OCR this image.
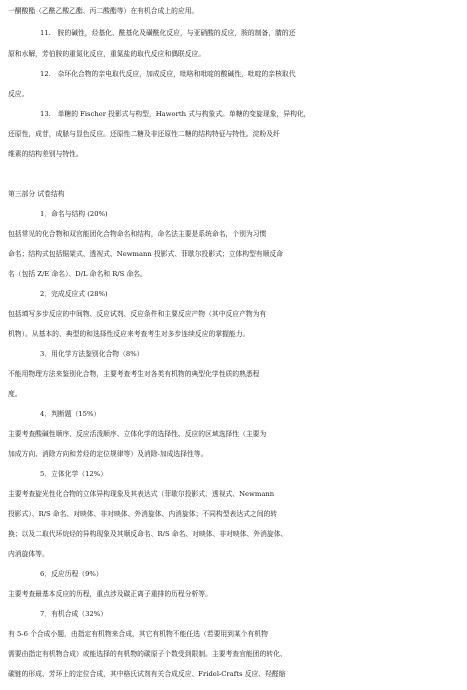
一酮酸酯（乙酰乙酸乙酯、丙二酸酯等）在有机合成上的应用。
11.　胺的碱性，烃基化、酰基化及磺酰化反应，与亚硝酸的反应，胺的制备，腈的还
原和水解，芳伯胺的重氮化反应，重氮盐的取代反应和偶联反应。
12.　杂环化合物的亲电取代反应，加成反应，吡咯和吡啶的酸碱性，吡啶的亲核取代
反应。
13.　单糖的 Fischer 投影式与构型，Haworth 式与构象式。单糖的变旋现象，异构化，
还原性，成苷，成脎与显色反应。还原性二糖及非还原性二糖的结构特征与特性。淀粉及纤
维素的结构差别与特性。
第三部分 试卷结构
1．命名与结构 (20%)
包括常见的化合物和双官能团化合物命名和结构，命名法主要是系统命名，个别为习惯
命名；结构式包括锯架式、透视式、Newmann 投影式、菲歇尔投影式；立体构型有顺反命
名（包括 Z/E 命名）、D/L 命名和 R/S 命名。
2．完成反应式 (28%)
包括填写多步反应的中间物、反应试剂、反应条件和主要反应产物（其中反应产物为有
机物）。从基本的、典型的和选择性反应来考查考生对多步连续反应的掌握能力。
3．用化学方法鉴别化合物（8%）
不能用物理方法来鉴别化合物，主要考查考生对各类有机物的典型化学性质的熟悉程
度。
4．判断题（15%）
主要考查酸碱性顺序、反应活泼顺序、立体化学的选择性、反应的区域选择性（主要为
加成方向、消除方向和芳烃的定位规律等）及消除-加成选择性等。
5．立体化学（12%）
主要考查旋光性化合物的立体异构现象及其表达式（菲歇尔投影式、透视式、Newmann
投影式）、R/S 命名、对映体、非对映体、外消旋体、内消旋体；不同构型表达式之间的转
换；以及二取代环烷烃的异构现象及其顺反命名、R/S 命名、对映体、非对映体、外消旋体、
内消旋体等。
6．反应历程（9%）
主要考查最基本反应的历程，重点涉及碳正离子重排的历程分析等。
7．有机合成（32%）
有 5-6 个合成小题，由指定有机物来合成，其它有机物不能任选（若要用到某个有机物
需要由指定有机物合成）或能选择的有机物的碳原子个数受到限制。主要考查官能团的转化、
碳链的形成、芳环上的定位合成，其中格氏试剂有关合成反应、Fridel-Crafts 反应、羟醛缩
